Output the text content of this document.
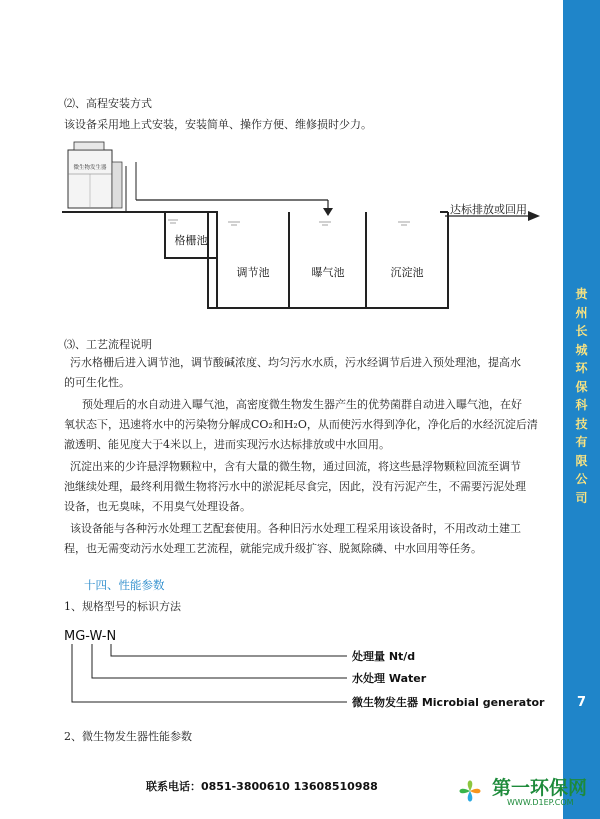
贵
州
长
城
环
保
科
技
有
限
公
司
7
⑵、高程安装方式
该设备采用地上式安装，安装简单、操作方便、维修损时少力。
微生物发生器
格栅池
调节池	曝气池	沉淀池
达标排放或回用
⑶、工艺流程说明
污水格栅后进入调节池，调节酸碱浓度、均匀污水水质，污水经调节后进入预处理池，提高水
的可生化性。
预处理后的水自动进入曝气池，高密度微生物发生器产生的优势菌群自动进入曝气池，在好
氧状态下，迅速将水中的污染物分解成CO₂和H₂O，从而使污水得到净化，净化后的水经沉淀后清
澈透明、能见度大于4米以上，进而实现污水达标排放或中水回用。
沉淀出来的少许悬浮物颗粒中，含有大量的微生物，通过回流，将这些悬浮物颗粒回流至调节
池继续处理，最终利用微生物将污水中的淤泥耗尽食完，因此，没有污泥产生，不需要污泥处理
设备，也无臭味，不用臭气处理设备。
该设备能与各种污水处理工艺配套使用。各种旧污水处理工程采用该设备时，不用改动土建工
程，也无需变动污水处理工艺流程，就能完成升级扩容、脱氮除磷、中水回用等任务。
十四、性能参数
1、规格型号的标识方法
MG-W-N
处理量 Nt/d
水处理 Water
微生物发生器 Microbial generator
2、微生物发生器性能参数
联系电话：0851-3800610 13608510988	第一环保网
WWW.D1EP.COM
